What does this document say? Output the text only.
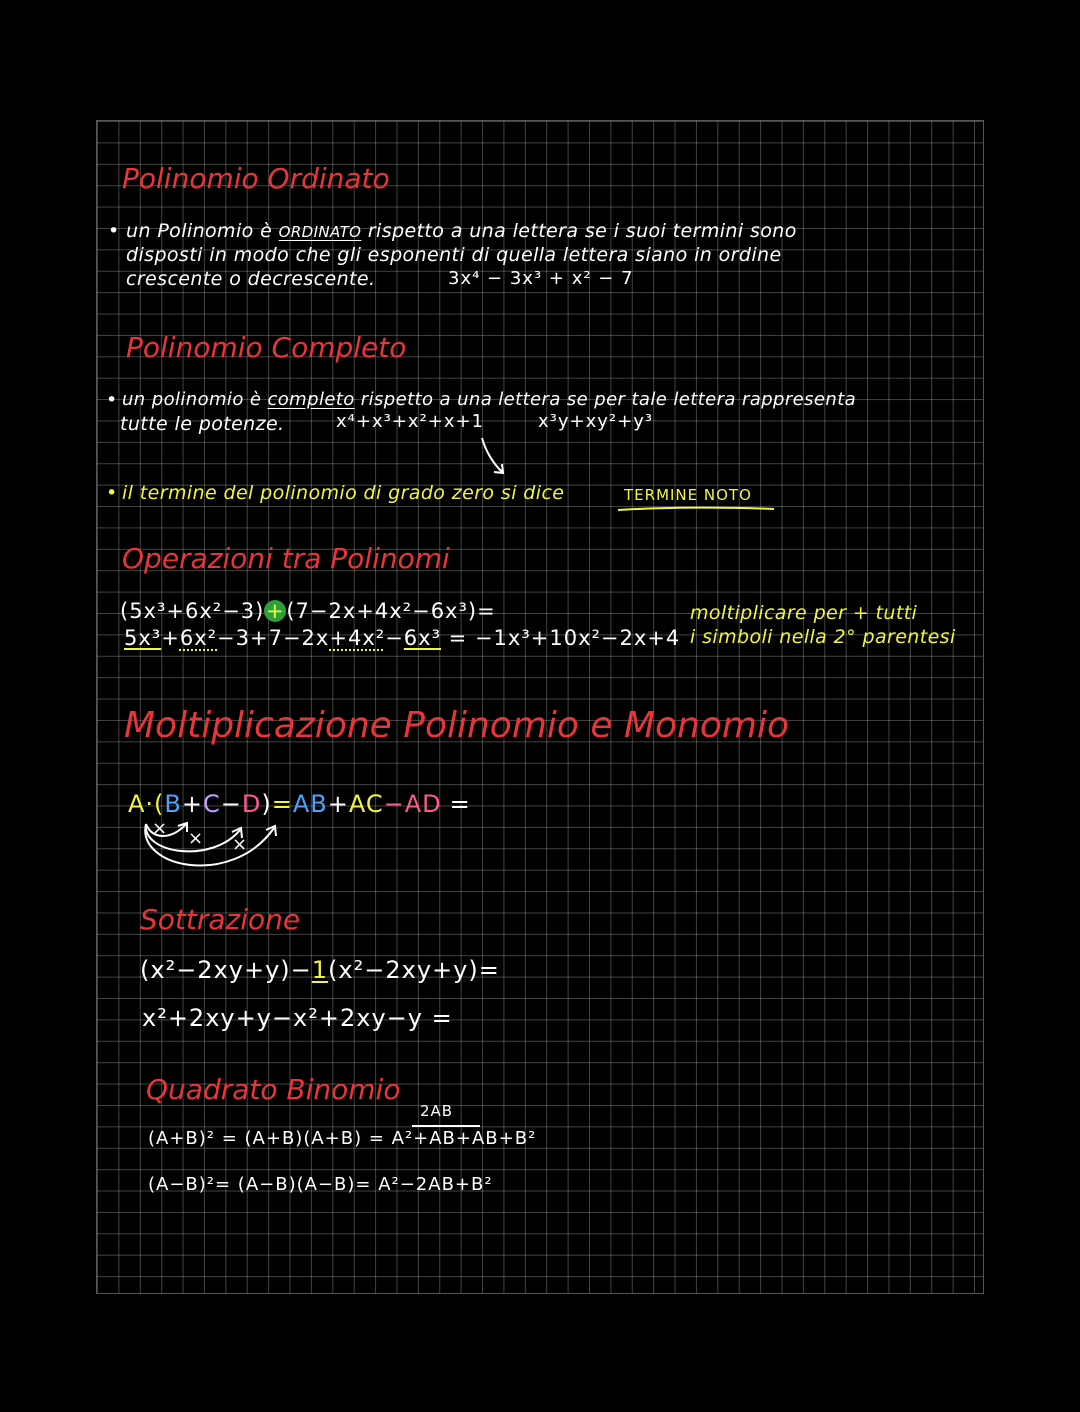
Polinomio Ordinato
• un Polinomio è ORDINATO rispetto a una lettera se i suoi termini sono
disposti in modo che gli esponenti di quella lettera siano in ordine
crescente o decrescente.	3x⁴ − 3x³ + x² − 7
Polinomio Completo
• un polinomio è completo rispetto a una lettera se per tale lettera rappresenta
tutte le potenze.	x⁴+x³+x²+x+1	x³y+xy²+y³
• il termine del polinomio di grado zero si dice	TERMINE NOTO
Operazioni tra Polinomi
(5x³+6x²−3)+(7−2x+4x²−6x³)=
5x³+6x²−3+7−2x+4x²−6x³ = −1x³+10x²−2x+4
moltiplicare per + tutti
i simboli nella 2° parentesi
Moltiplicazione Polinomio e Monomio
A·(B+C−D)=AB+AC−AD =
× × ×
Sottrazione
(x²−2xy+y)−1(x²−2xy+y)=
x²+2xy+y−x²+2xy−y =
Quadrato Binomio
2AB
(A+B)² = (A+B)(A+B) = A²+AB+AB+B²
(A−B)²= (A−B)(A−B)= A²−2AB+B²
